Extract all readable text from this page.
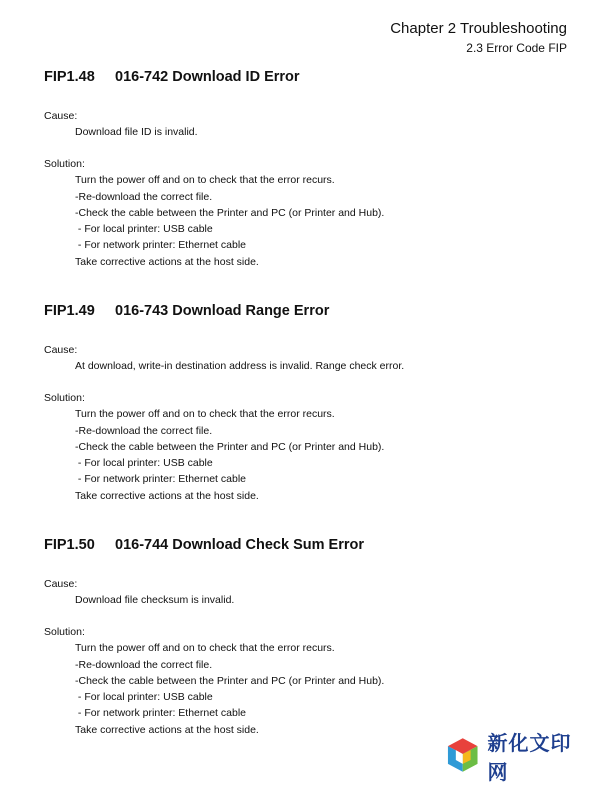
Chapter 2 Troubleshooting
2.3 Error Code FIP
FIP1.48 016-742 Download ID Error
Cause:
Download file ID is invalid.
Solution:
Turn the power off and on to check that the error recurs.
-Re-download the correct file.
-Check the cable between the Printer and PC (or Printer and Hub).
- For local printer: USB cable
- For network printer: Ethernet cable
Take corrective actions at the host side.
FIP1.49 016-743 Download Range Error
Cause:
At download, write-in destination address is invalid. Range check error.
Solution:
Turn the power off and on to check that the error recurs.
-Re-download the correct file.
-Check the cable between the Printer and PC (or Printer and Hub).
- For local printer: USB cable
- For network printer: Ethernet cable
Take corrective actions at the host side.
FIP1.50 016-744 Download Check Sum Error
Cause:
Download file checksum is invalid.
Solution:
Turn the power off and on to check that the error recurs.
-Re-download the correct file.
-Check the cable between the Printer and PC (or Printer and Hub).
- For local printer: USB cable
- For network printer: Ethernet cable
Take corrective actions at the host side.
新化文印网
